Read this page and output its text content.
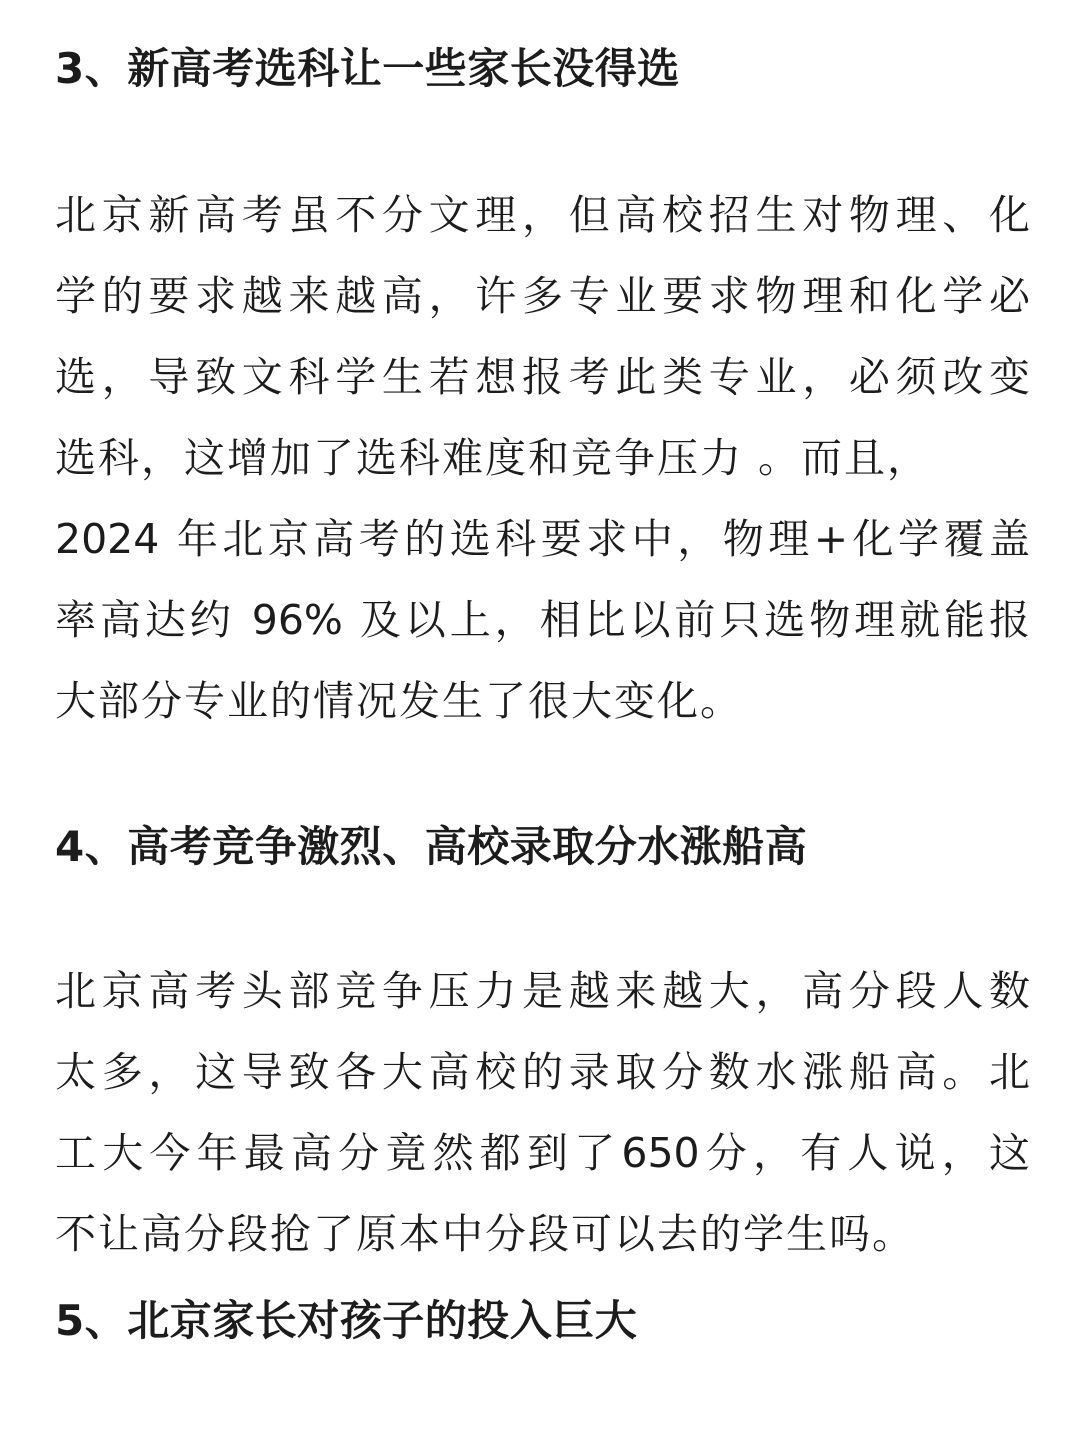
3、新高考选科让一些家长没得选
北京新高考虽不分文理，但高校招生对物理、化
学的要求越来越高，许多专业要求物理和化学必
选，导致文科学生若想报考此类专业，必须改变
选科，这增加了选科难度和竞争压力 。而且，
2024 年北京高考的选科要求中，物理+化学覆盖
率高达约 96% 及以上，相比以前只选物理就能报
大部分专业的情况发生了很大变化。
4、高考竞争激烈、高校录取分水涨船高
北京高考头部竞争压力是越来越大，高分段人数
太多，这导致各大高校的录取分数水涨船高。北
工大今年最高分竟然都到了650分，有人说，这
不让高分段抢了原本中分段可以去的学生吗。
5、北京家长对孩子的投入巨大
